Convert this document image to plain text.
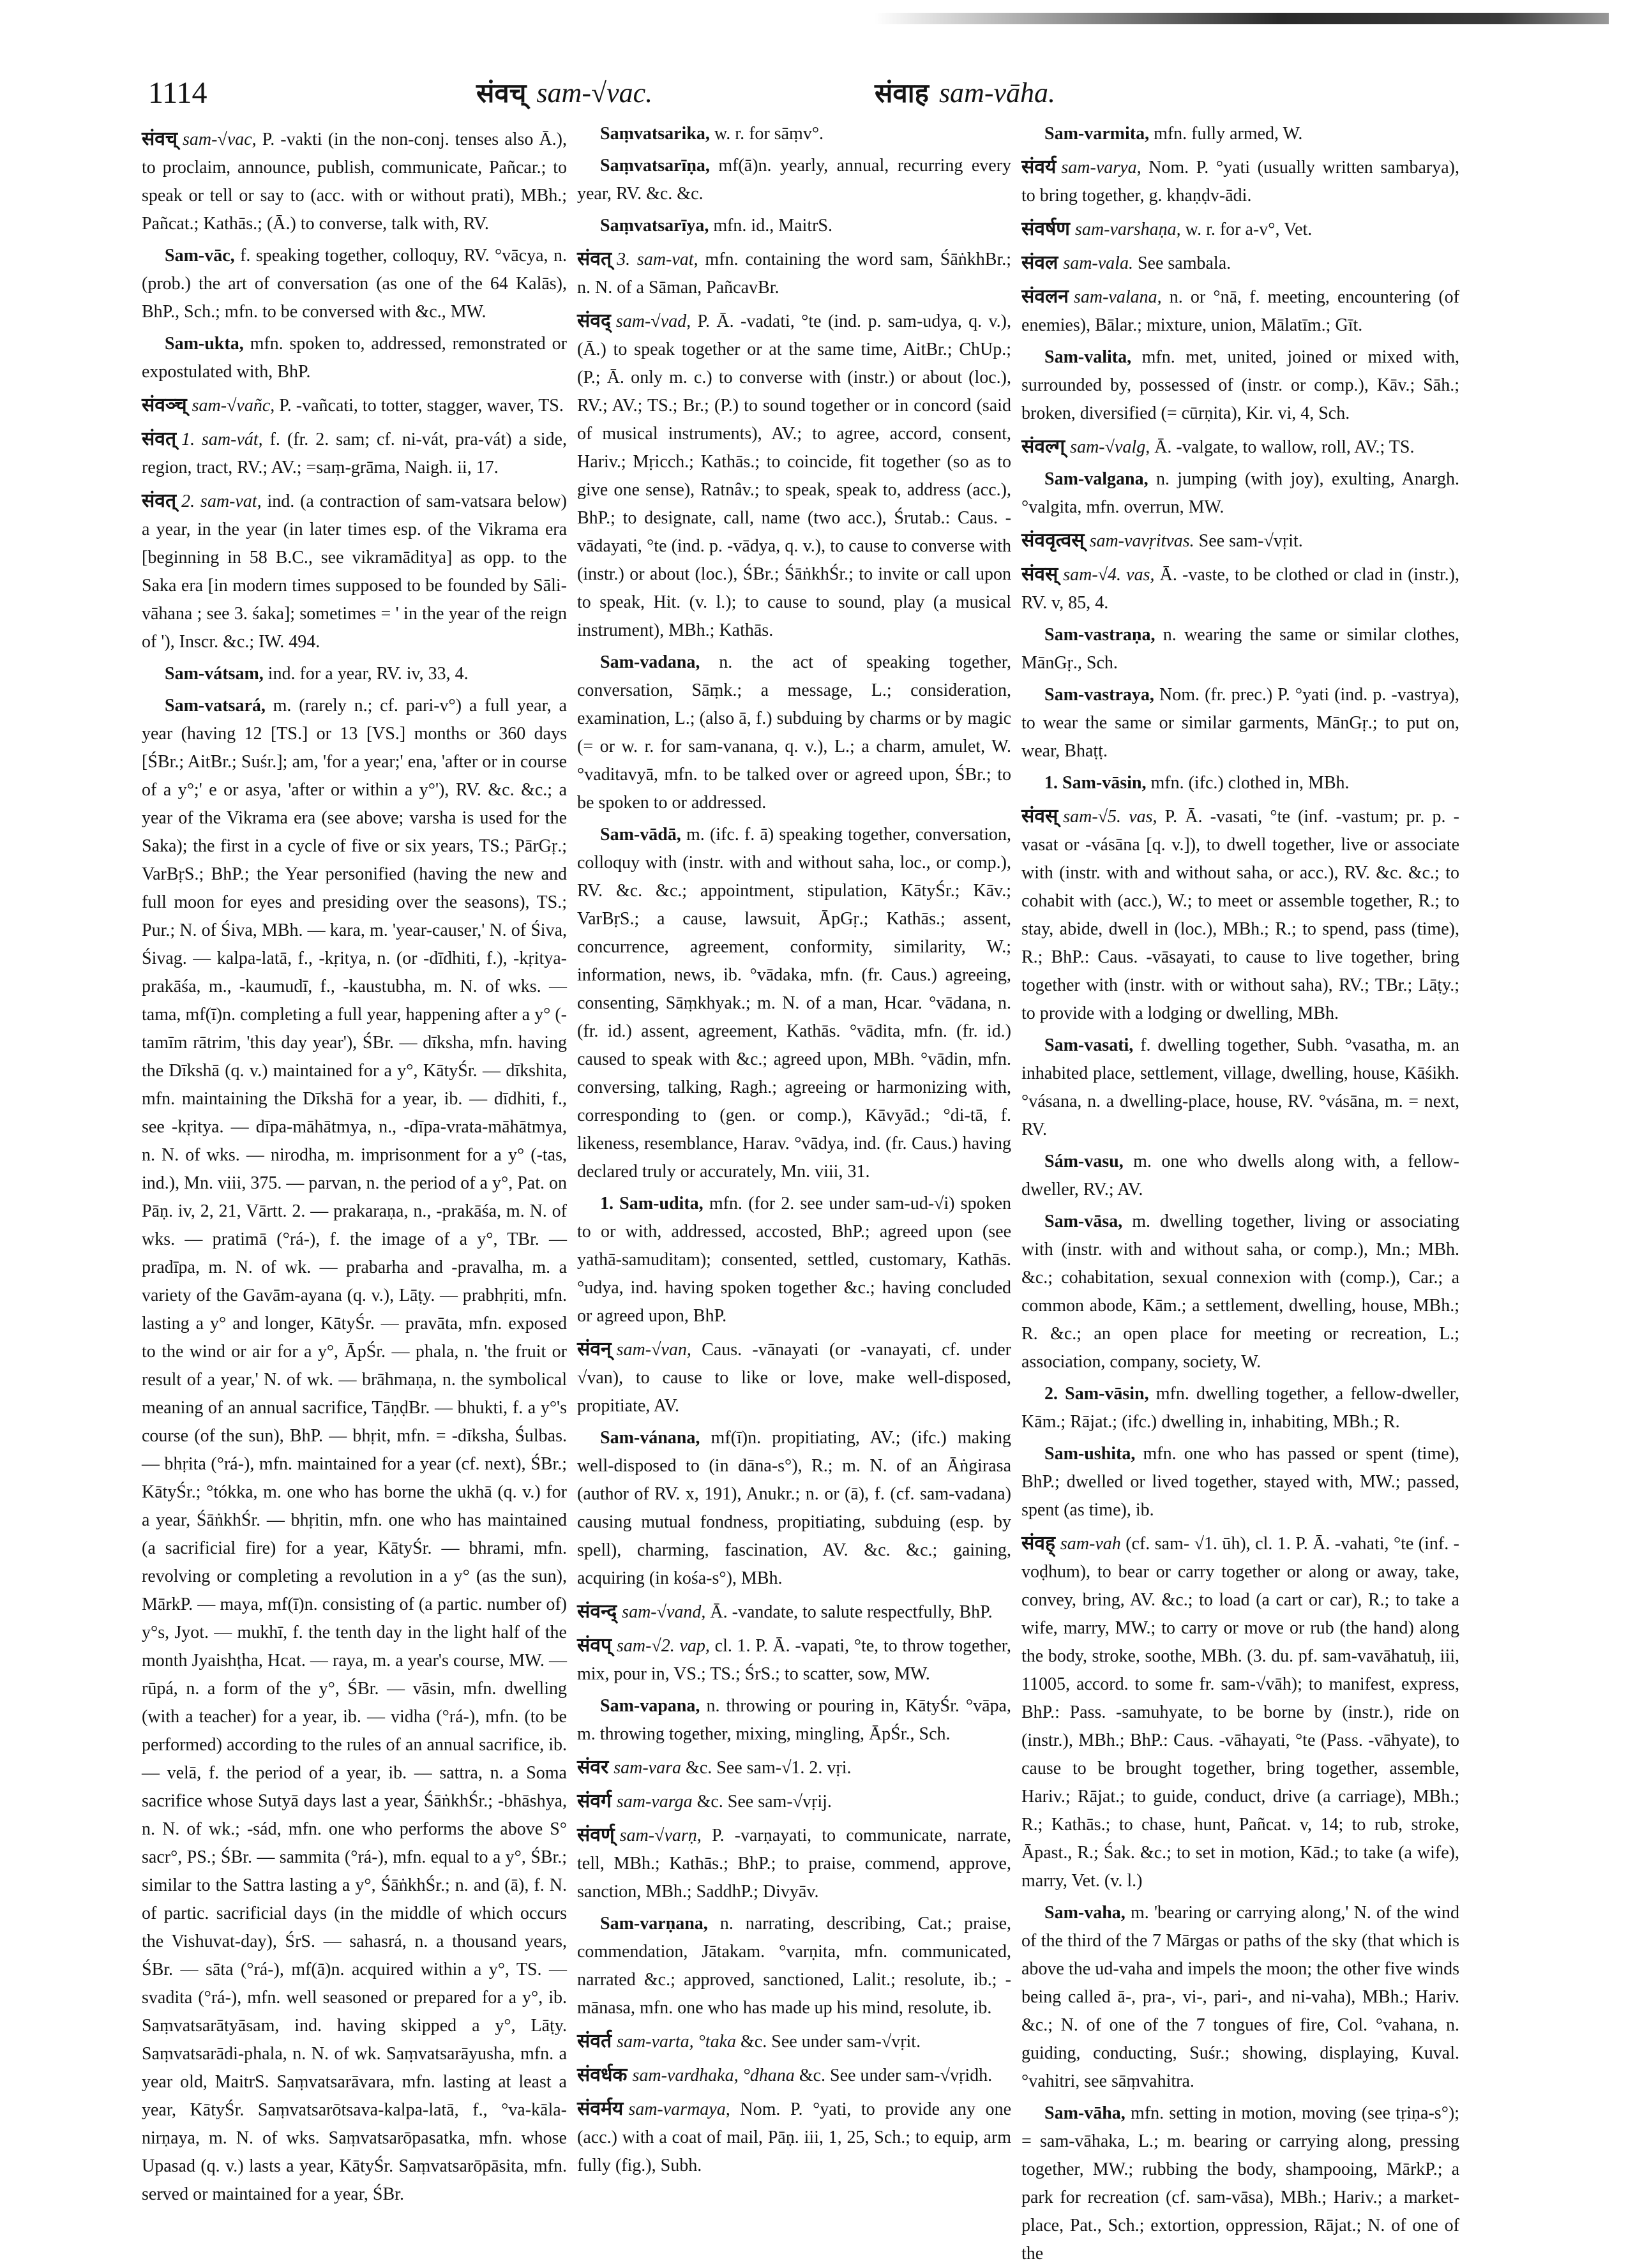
1114	संवच् sam-√vac.	संवाह sam-vāha.

संवच् sam-√vac, P. -vakti (in the non-conj. tenses also Ā.), to proclaim, announce, publish, communicate, Pañcar.; to speak or tell or say to (acc. with or without prati), MBh.; Pañcat.; Kathās.; (Ā.) to converse, talk with, RV.

Sam-vāc, f. speaking together, colloquy, RV. °vācya, n. (prob.) the art of conversation (as one of the 64 Kalās), BhP., Sch.; mfn. to be conversed with &c., MW.

Sam-ukta, mfn. spoken to, addressed, remonstrated or expostulated with, BhP.

संवञ्च् sam-√vañc, P. -vañcati, to totter, stagger, waver, TS.

संवत् 1. sam-vát, f. (fr. 2. sam; cf. ni-vát, pra-vát) a side, region, tract, RV.; AV.; =saṃ-grāma, Naigh. ii, 17.

संवत् 2. sam-vat, ind. (a contraction of sam-vatsara below) a year, in the year (in later times esp. of the Vikrama era [beginning in 58 B.C., see vikramāditya] as opp. to the Saka era [in modern times supposed to be founded by Sāli-vāhana ; see 3. śaka]; sometimes = ' in the year of the reign of '), Inscr. &c.; IW. 494.

Sam-vátsam, ind. for a year, RV. iv, 33, 4.

Sam-vatsará, m. (rarely n.; cf. pari-v°) a full year, a year (having 12 [TS.] or 13 [VS.] months or 360 days [ŚBr.; AitBr.; Suśr.]; am, 'for a year;' ena, 'after or in course of a y°;' e or asya, 'after or within a y°'), RV. &c. &c.; a year of the Vikrama era (see above; varsha is used for the Saka); the first in a cycle of five or six years, TS.; PārGṛ.; VarBṛS.; BhP.; the Year personified (having the new and full moon for eyes and presiding over the seasons), TS.; Pur.; N. of Śiva, MBh. — kara, m. 'year-causer,' N. of Śiva, Śivag. — kalpa-latā, f., -kṛitya, n. (or -dīdhiti, f.), -kṛitya-prakāśa, m., -kaumudī, f., -kaustubha, m. N. of wks. — tama, mf(ī)n. completing a full year, happening after a y° (-tamīm rātrim, 'this day year'), ŚBr. — dīksha, mfn. having the Dīkshā (q. v.) maintained for a y°, KātyŚr. — dīkshita, mfn. maintaining the Dīkshā for a year, ib. — dīdhiti, f., see -kṛitya. — dīpa-māhātmya, n., -dīpa-vrata-māhātmya, n. N. of wks. — nirodha, m. imprisonment for a y° (-tas, ind.), Mn. viii, 375. — parvan, n. the period of a y°, Pat. on Pāṇ. iv, 2, 21, Vārtt. 2. — prakaraṇa, n., -prakāśa, m. N. of wks. — pratimā (°rá-), f. the image of a y°, TBr. — pradīpa, m. N. of wk. — prabarha and -pravalha, m. a variety of the Gavām-ayana (q. v.), Lāṭy. — prabhṛiti, mfn. lasting a y° and longer, KātyŚr. — pravāta, mfn. exposed to the wind or air for a y°, ĀpŚr. — phala, n. 'the fruit or result of a year,' N. of wk. — brāhmaṇa, n. the symbolical meaning of an annual sacrifice, TāṇḍBr. — bhukti, f. a y°'s course (of the sun), BhP. — bhṛit, mfn. = -dīksha, Śulbas. — bhṛita (°rá-), mfn. maintained for a year (cf. next), ŚBr.; KātyŚr.; °tókka, m. one who has borne the ukhā (q. v.) for a year, ŚāṅkhŚr. — bhṛitin, mfn. one who has maintained (a sacrificial fire) for a year, KātyŚr. — bhrami, mfn. revolving or completing a revolution in a y° (as the sun), MārkP. — maya, mf(ī)n. consisting of (a partic. number of) y°s, Jyot. — mukhī, f. the tenth day in the light half of the month Jyaishṭha, Hcat. — raya, m. a year's course, MW. — rūpá, n. a form of the y°, ŚBr. — vāsin, mfn. dwelling (with a teacher) for a year, ib. — vidha (°rá-), mfn. (to be performed) according to the rules of an annual sacrifice, ib. — velā, f. the period of a year, ib. — sattra, n. a Soma sacrifice whose Sutyā days last a year, ŚāṅkhŚr.; -bhāshya, n. N. of wk.; -sád, mfn. one who performs the above S° sacr°, PS.; ŚBr. — sammita (°rá-), mfn. equal to a y°, ŚBr.; similar to the Sattra lasting a y°, ŚāṅkhŚr.; n. and (ā), f. N. of partic. sacrificial days (in the middle of which occurs the Vishuvat-day), ŚrS. — sahasrá, n. a thousand years, ŚBr. — sāta (°rá-), mf(ā)n. acquired within a y°, TS. — svadita (°rá-), mfn. well seasoned or prepared for a y°, ib. Saṃvatsarātyāsam, ind. having skipped a y°, Lāṭy. Saṃvatsarādi-phala, n. N. of wk. Saṃvatsarāyusha, mfn. a year old, MaitrS. Saṃvatsarāvara, mfn. lasting at least a year, KātyŚr. Saṃvatsarōtsava-kalpa-latā, f., °va-kāla-nirṇaya, m. N. of wks. Saṃvatsarōpasatka, mfn. whose Upasad (q. v.) lasts a year, KātyŚr. Saṃvatsarōpāsita, mfn. served or maintained for a year, ŚBr.

Saṃvatsarika, w. r. for sāṃv°.

Saṃvatsarīṇa, mf(ā)n. yearly, annual, recurring every year, RV. &c. &c.

Saṃvatsarīya, mfn. id., MaitrS.

संवत् 3. sam-vat, mfn. containing the word sam, ŚāṅkhBr.; n. N. of a Sāman, PañcavBr.

संवद् sam-√vad, P. Ā. -vadati, °te (ind. p. sam-udya, q. v.), (Ā.) to speak together or at the same time, AitBr.; ChUp.; (P.; Ā. only m. c.) to converse with (instr.) or about (loc.), RV.; AV.; TS.; Br.; (P.) to sound together or in concord (said of musical instruments), AV.; to agree, accord, consent, Hariv.; Mṛicch.; Kathās.; to coincide, fit together (so as to give one sense), Ratnâv.; to speak, speak to, address (acc.), BhP.; to designate, call, name (two acc.), Śrutab.: Caus. -vādayati, °te (ind. p. -vādya, q. v.), to cause to converse with (instr.) or about (loc.), ŚBr.; ŚāṅkhŚr.; to invite or call upon to speak, Hit. (v. l.); to cause to sound, play (a musical instrument), MBh.; Kathās.

Sam-vadana, n. the act of speaking together, conversation, Sāṃk.; a message, L.; consideration, examination, L.; (also ā, f.) subduing by charms or by magic (= or w. r. for sam-vanana, q. v.), L.; a charm, amulet, W. °vaditavyā, mfn. to be talked over or agreed upon, ŚBr.; to be spoken to or addressed.

Sam-vādā, m. (ifc. f. ā) speaking together, conversation, colloquy with (instr. with and without saha, loc., or comp.), RV. &c. &c.; appointment, stipulation, KātyŚr.; Kāv.; VarBṛS.; a cause, lawsuit, ĀpGṛ.; Kathās.; assent, concurrence, agreement, conformity, similarity, W.; information, news, ib. °vādaka, mfn. (fr. Caus.) agreeing, consenting, Sāṃkhyak.; m. N. of a man, Hcar. °vādana, n. (fr. id.) assent, agreement, Kathās. °vādita, mfn. (fr. id.) caused to speak with &c.; agreed upon, MBh. °vādin, mfn. conversing, talking, Ragh.; agreeing or harmonizing with, corresponding to (gen. or comp.), Kāvyād.; °di-tā, f. likeness, resemblance, Harav. °vādya, ind. (fr. Caus.) having declared truly or accurately, Mn. viii, 31.

1. Sam-udita, mfn. (for 2. see under sam-ud-√i) spoken to or with, addressed, accosted, BhP.; agreed upon (see yathā-samuditam); consented, settled, customary, Kathās. °udya, ind. having spoken together &c.; having concluded or agreed upon, BhP.

संवन् sam-√van, Caus. -vānayati (or -vanayati, cf. under √van), to cause to like or love, make well-disposed, propitiate, AV.

Sam-vánana, mf(ī)n. propitiating, AV.; (ifc.) making well-disposed to (in dāna-s°), R.; m. N. of an Āṅgirasa (author of RV. x, 191), Anukr.; n. or (ā), f. (cf. sam-vadana) causing mutual fondness, propitiating, subduing (esp. by spell), charming, fascination, AV. &c. &c.; gaining, acquiring (in kośa-s°), MBh.

संवन्द् sam-√vand, Ā. -vandate, to salute respectfully, BhP.

संवप् sam-√2. vap, cl. 1. P. Ā. -vapati, °te, to throw together, mix, pour in, VS.; TS.; ŚrS.; to scatter, sow, MW.

Sam-vapana, n. throwing or pouring in, KātyŚr. °vāpa, m. throwing together, mixing, mingling, ĀpŚr., Sch.

संवर sam-vara &c. See sam-√1. 2. vṛi.

संवर्ग sam-varga &c. See sam-√vṛij.

संवर्ण् sam-√varṇ, P. -varṇayati, to communicate, narrate, tell, MBh.; Kathās.; BhP.; to praise, commend, approve, sanction, MBh.; SaddhP.; Divyāv.

Sam-varṇana, n. narrating, describing, Cat.; praise, commendation, Jātakam. °varṇita, mfn. communicated, narrated &c.; approved, sanctioned, Lalit.; resolute, ib.; -mānasa, mfn. one who has made up his mind, resolute, ib.

संवर्त sam-varta, °taka &c. See under sam-√vṛit.

संवर्धक sam-vardhaka, °dhana &c. See under sam-√vṛidh.

संवर्मय sam-varmaya, Nom. P. °yati, to provide any one (acc.) with a coat of mail, Pāṇ. iii, 1, 25, Sch.; to equip, arm fully (fig.), Subh.

Sam-varmita, mfn. fully armed, W.

संवर्य sam-varya, Nom. P. °yati (usually written sambarya), to bring together, g. khaṇḍv-ādi.

संवर्षण sam-varshaṇa, w. r. for a-v°, Vet.

संवल sam-vala. See sambala.

संवलन sam-valana, n. or °nā, f. meeting, encountering (of enemies), Bālar.; mixture, union, Mālatīm.; Gīt.

Sam-valita, mfn. met, united, joined or mixed with, surrounded by, possessed of (instr. or comp.), Kāv.; Sāh.; broken, diversified (= cūrṇita), Kir. vi, 4, Sch.

संवल्ग् sam-√valg, Ā. -valgate, to wallow, roll, AV.; TS.

Sam-valgana, n. jumping (with joy), exulting, Anargh. °valgita, mfn. overrun, MW.

संववृत्वस् sam-vavṛitvas. See sam-√vṛit.

संवस् sam-√4. vas, Ā. -vaste, to be clothed or clad in (instr.), RV. v, 85, 4.

Sam-vastraṇa, n. wearing the same or similar clothes, MānGṛ., Sch.

Sam-vastraya, Nom. (fr. prec.) P. °yati (ind. p. -vastrya), to wear the same or similar garments, MānGṛ.; to put on, wear, Bhaṭṭ.

1. Sam-vāsin, mfn. (ifc.) clothed in, MBh.

संवस् sam-√5. vas, P. Ā. -vasati, °te (inf. -vastum; pr. p. -vasat or -vásāna [q. v.]), to dwell together, live or associate with (instr. with and without saha, or acc.), RV. &c. &c.; to cohabit with (acc.), W.; to meet or assemble together, R.; to stay, abide, dwell in (loc.), MBh.; R.; to spend, pass (time), R.; BhP.: Caus. -vāsayati, to cause to live together, bring together with (instr. with or without saha), RV.; TBr.; Lāṭy.; to provide with a lodging or dwelling, MBh.

Sam-vasati, f. dwelling together, Subh. °vasatha, m. an inhabited place, settlement, village, dwelling, house, Kāśikh. °vásana, n. a dwelling-place, house, RV. °vásāna, m. = next, RV.

Sám-vasu, m. one who dwells along with, a fellow-dweller, RV.; AV.

Sam-vāsa, m. dwelling together, living or associating with (instr. with and without saha, or comp.), Mn.; MBh. &c.; cohabitation, sexual connexion with (comp.), Car.; a common abode, Kām.; a settlement, dwelling, house, MBh.; R. &c.; an open place for meeting or recreation, L.; association, company, society, W.

2. Sam-vāsin, mfn. dwelling together, a fellow-dweller, Kām.; Rājat.; (ifc.) dwelling in, inhabiting, MBh.; R.

Sam-ushita, mfn. one who has passed or spent (time), BhP.; dwelled or lived together, stayed with, MW.; passed, spent (as time), ib.

संवह् sam-vah (cf. sam- √1. ūh), cl. 1. P. Ā. -vahati, °te (inf. -voḍhum), to bear or carry together or along or away, take, convey, bring, AV. &c.; to load (a cart or car), R.; to take a wife, marry, MW.; to carry or move or rub (the hand) along the body, stroke, soothe, MBh. (3. du. pf. sam-vavāhatuḥ, iii, 11005, accord. to some fr. sam-√vāh); to manifest, express, BhP.: Pass. -samuhyate, to be borne by (instr.), ride on (instr.), MBh.; BhP.: Caus. -vāhayati, °te (Pass. -vāhyate), to cause to be brought together, bring together, assemble, Hariv.; Rājat.; to guide, conduct, drive (a carriage), MBh.; R.; Kathās.; to chase, hunt, Pañcat. v, 14; to rub, stroke, Āpast., R.; Śak. &c.; to set in motion, Kād.; to take (a wife), marry, Vet. (v. l.)

Sam-vaha, m. 'bearing or carrying along,' N. of the wind of the third of the 7 Mārgas or paths of the sky (that which is above the ud-vaha and impels the moon; the other five winds being called ā-, pra-, vi-, pari-, and ni-vaha), MBh.; Hariv. &c.; N. of one of the 7 tongues of fire, Col. °vahana, n. guiding, conducting, Suśr.; showing, displaying, Kuval. °vahitri, see sāṃvahitra.

Sam-vāha, mfn. setting in motion, moving (see tṛiṇa-s°); = sam-vāhaka, L.; m. bearing or carrying along, pressing together, MW.; rubbing the body, shampooing, MārkP.; a park for recreation (cf. sam-vāsa), MBh.; Hariv.; a market-place, Pat., Sch.; extortion, oppression, Rājat.; N. of one of the
